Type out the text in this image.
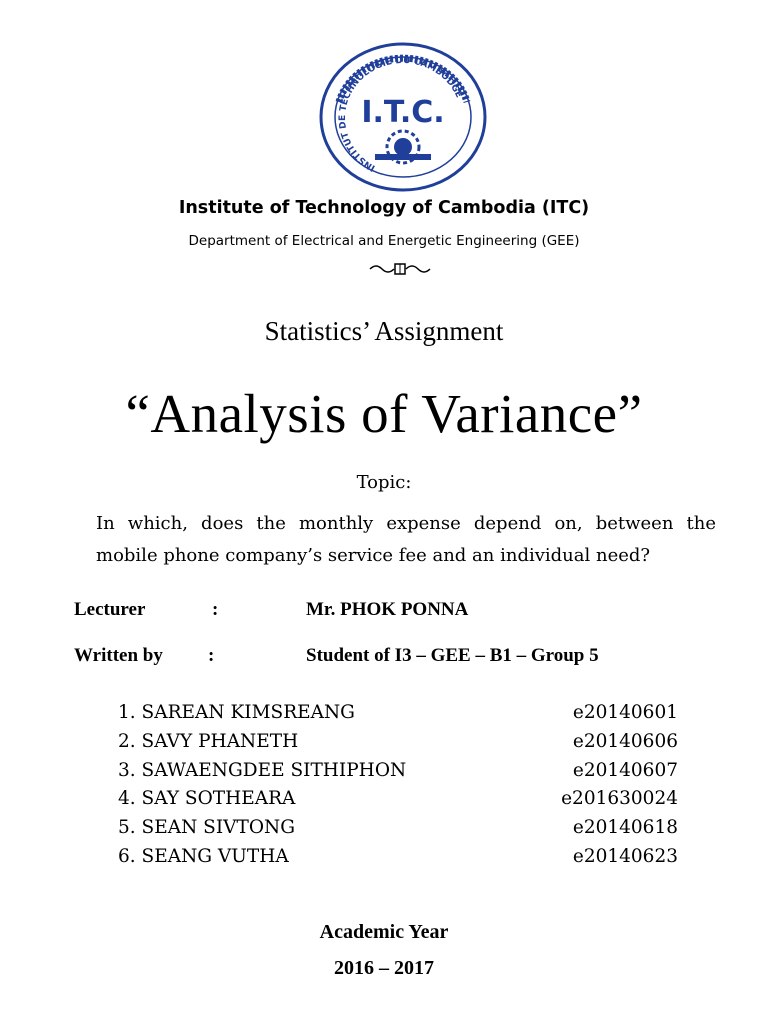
INSTITUT DE TECHNOLOGIE DU CAMBODGE
I.T.C.
Institute of Technology of Cambodia (ITC)
Department of Electrical and Energetic Engineering (GEE)
Statistics’ Assignment
“Analysis of Variance”
Topic:
In which, does the monthly expense depend on, between the mobile phone company’s service fee and an individual need?
Lecturer	:	Mr. PHOK PONNA
Written by :	Student of I3 – GEE – B1 – Group 5
1. SAREAN KIMSREANG	e20140601
2. SAVY PHANETH	e20140606
3. SAWAENGDEE SITHIPHON	e20140607
4. SAY SOTHEARA	e201630024
5. SEAN SIVTONG	e20140618
6. SEANG VUTHA	e20140623
Academic Year
2016 – 2017
